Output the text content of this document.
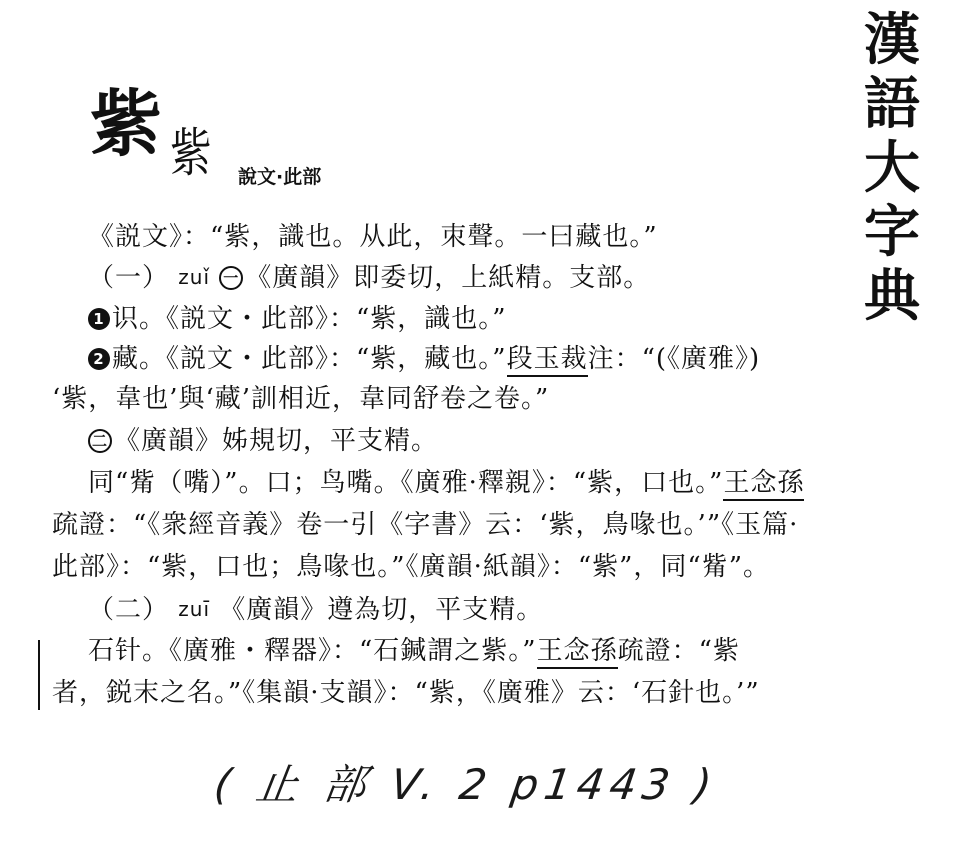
漢
語
大
字
典
紫 紫 說文·此部
《説文》：“紫，識也。从此，朿聲。一曰藏也。”
（一） zuǐ 一 《廣韻》即委切，上紙精。支部。
1 识。《説文・此部》：“紫，識也。”
2 藏。《説文・此部》：“紫，藏也。”段玉裁注：“(《廣雅》)
‘紫，韋也’與‘藏’訓相近，韋同舒卷之卷。”
二 《廣韻》姊規切，平支精。
同“觜（嘴）”。口；鸟嘴。《廣雅·釋親》：“紫，口也。”王念孫
疏證：“《衆經音義》卷一引《字書》云：‘紫，鳥喙也。’”《玉篇·
此部》：“紫，口也；鳥喙也。”《廣韻·紙韻》：“紫”，同“觜”。
（二） zuī 《廣韻》遵為切，平支精。
石针。《廣雅・釋器》：“石鍼謂之紫。”王念孫疏證：“紫
者，鋭末之名。”《集韻·支韻》：“紫，《廣雅》云：‘石針也。’”
( 止 部 V. 2 p1443 )
